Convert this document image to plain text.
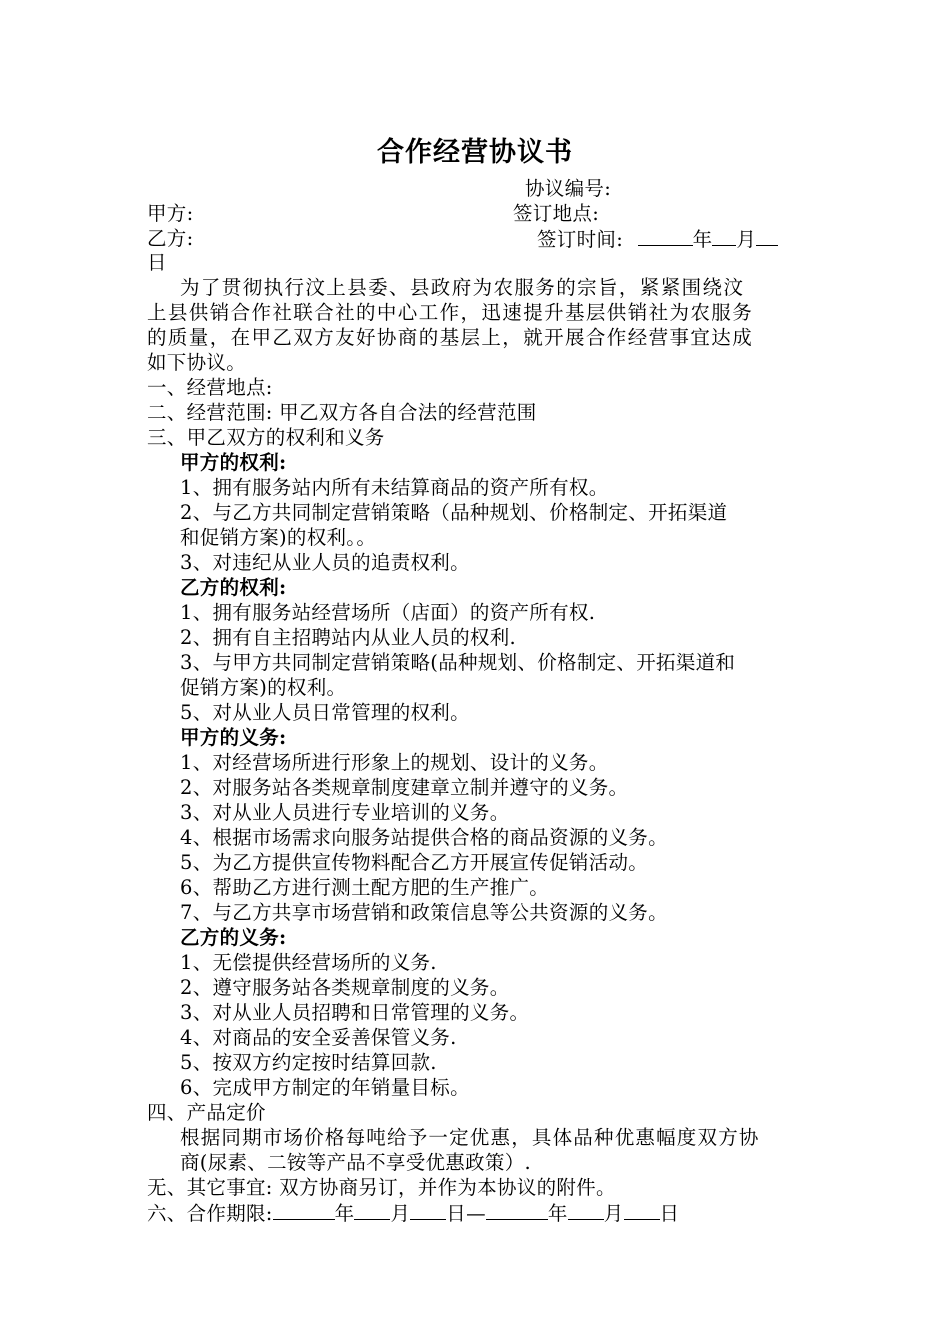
合作经营协议书
协议编号:
甲方:	签订地点:
乙方:	签订时间:	年 月
日
为了贯彻执行汶上县委、县政府为农服务的宗旨，紧紧围绕汶
上县供销合作社联合社的中心工作，迅速提升基层供销社为农服务
的质量，在甲乙双方友好协商的基层上，就开展合作经营事宜达成
如下协议。
一、经营地点:
二、经营范围: 甲乙双方各自合法的经营范围
三、甲乙双方的权利和义务
甲方的权利:
1、拥有服务站内所有未结算商品的资产所有权。
2、与乙方共同制定营销策略（品种规划、价格制定、开拓渠道
和促销方案)的权利。。
3、对违纪从业人员的追责权利。
乙方的权利:
1、拥有服务站经营场所（店面）的资产所有权.
2、拥有自主招聘站内从业人员的权利.
3、与甲方共同制定营销策略(品种规划、价格制定、开拓渠道和
促销方案)的权利。
5、对从业人员日常管理的权利。
甲方的义务:
1、对经营场所进行形象上的规划、设计的义务。
2、对服务站各类规章制度建章立制并遵守的义务。
3、对从业人员进行专业培训的义务。
4、根据市场需求向服务站提供合格的商品资源的义务。
5、为乙方提供宣传物料配合乙方开展宣传促销活动。
6、帮助乙方进行测土配方肥的生产推广。
7、与乙方共享市场营销和政策信息等公共资源的义务。
乙方的义务:
1、无偿提供经营场所的义务.
2、遵守服务站各类规章制度的义务。
3、对从业人员招聘和日常管理的义务。
4、对商品的安全妥善保管义务.
5、按双方约定按时结算回款.
6、完成甲方制定的年销量目标。
四、产品定价
根据同期市场价格每吨给予一定优惠，具体品种优惠幅度双方协
商(尿素、二铵等产品不享受优惠政策）.
无、其它事宜: 双方协商另订，并作为本协议的附件。
六、合作期限:	年 月 日—	年 月 日
